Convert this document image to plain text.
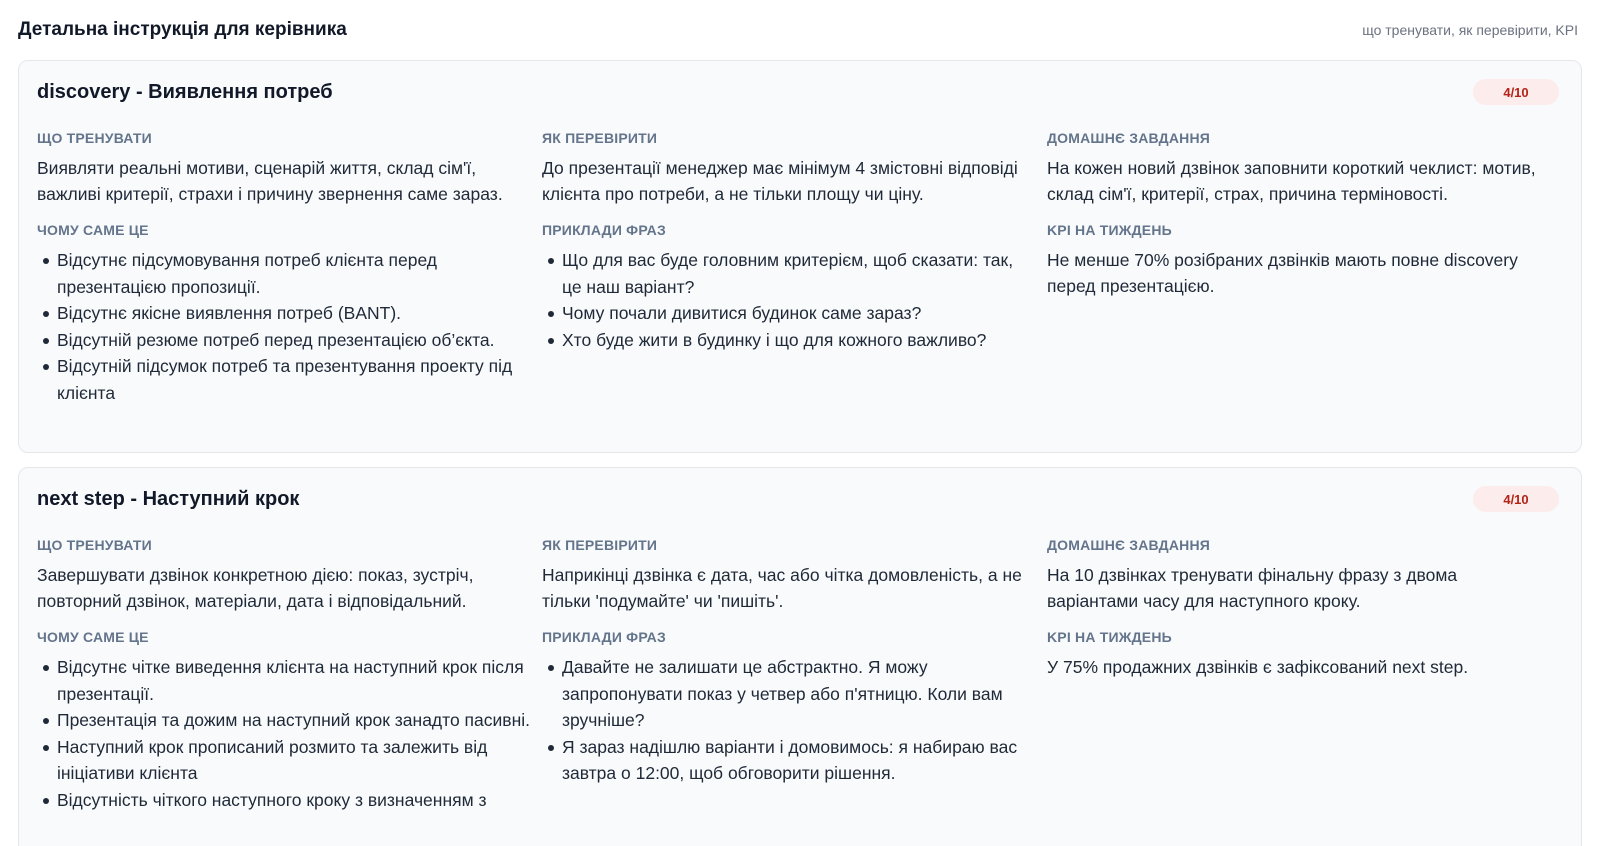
Детальна інструкція для керівника	що тренувати, як перевірити, KPI
discovery - Виявлення потреб	4/10
ЩО ТРЕНУВАТИ
Виявляти реальні мотиви, сценарій життя, склад сім'ї, важливі критерії, страхи і причину звернення саме зараз.
ЧОМУ САМЕ ЦЕ
Відсутнє підсумовування потреб клієнта перед презентацією пропозиції.
Відсутнє якісне виявлення потреб (BANT).
Відсутній резюме потреб перед презентацією об’єкта.
Відсутній підсумок потреб та презентування проекту під клієнта
ЯК ПЕРЕВІРИТИ
До презентації менеджер має мінімум 4 змістовні відповіді клієнта про потреби, а не тільки площу чи ціну.
ПРИКЛАДИ ФРАЗ
Що для вас буде головним критерієм, щоб сказати: так, це наш варіант?
Чому почали дивитися будинок саме зараз?
Хто буде жити в будинку і що для кожного важливо?
ДОМАШНЄ ЗАВДАННЯ
На кожен новий дзвінок заповнити короткий чеклист: мотив, склад сім'ї, критерії, страх, причина терміновості.
KPI НА ТИЖДЕНЬ
Не менше 70% розібраних дзвінків мають повне discovery перед презентацією.
next step - Наступний крок	4/10
ЩО ТРЕНУВАТИ
Завершувати дзвінок конкретною дією: показ, зустріч, повторний дзвінок, матеріали, дата і відповідальний.
ЧОМУ САМЕ ЦЕ
Відсутнє чітке виведення клієнта на наступний крок після презентації.
Презентація та дожим на наступний крок занадто пасивні.
Наступний крок прописаний розмито та залежить від ініціативи клієнта
Відсутність чіткого наступного кроку з визначенням з
ЯК ПЕРЕВІРИТИ
Наприкінці дзвінка є дата, час або чітка домовленість, а не тільки 'подумайте' чи 'пишіть'.
ПРИКЛАДИ ФРАЗ
Давайте не залишати це абстрактно. Я можу запропонувати показ у четвер або п'ятницю. Коли вам зручніше?
Я зараз надішлю варіанти і домовимось: я набираю вас завтра о 12:00, щоб обговорити рішення.
ДОМАШНЄ ЗАВДАННЯ
На 10 дзвінках тренувати фінальну фразу з двома варіантами часу для наступного кроку.
KPI НА ТИЖДЕНЬ
У 75% продажних дзвінків є зафіксований next step.
